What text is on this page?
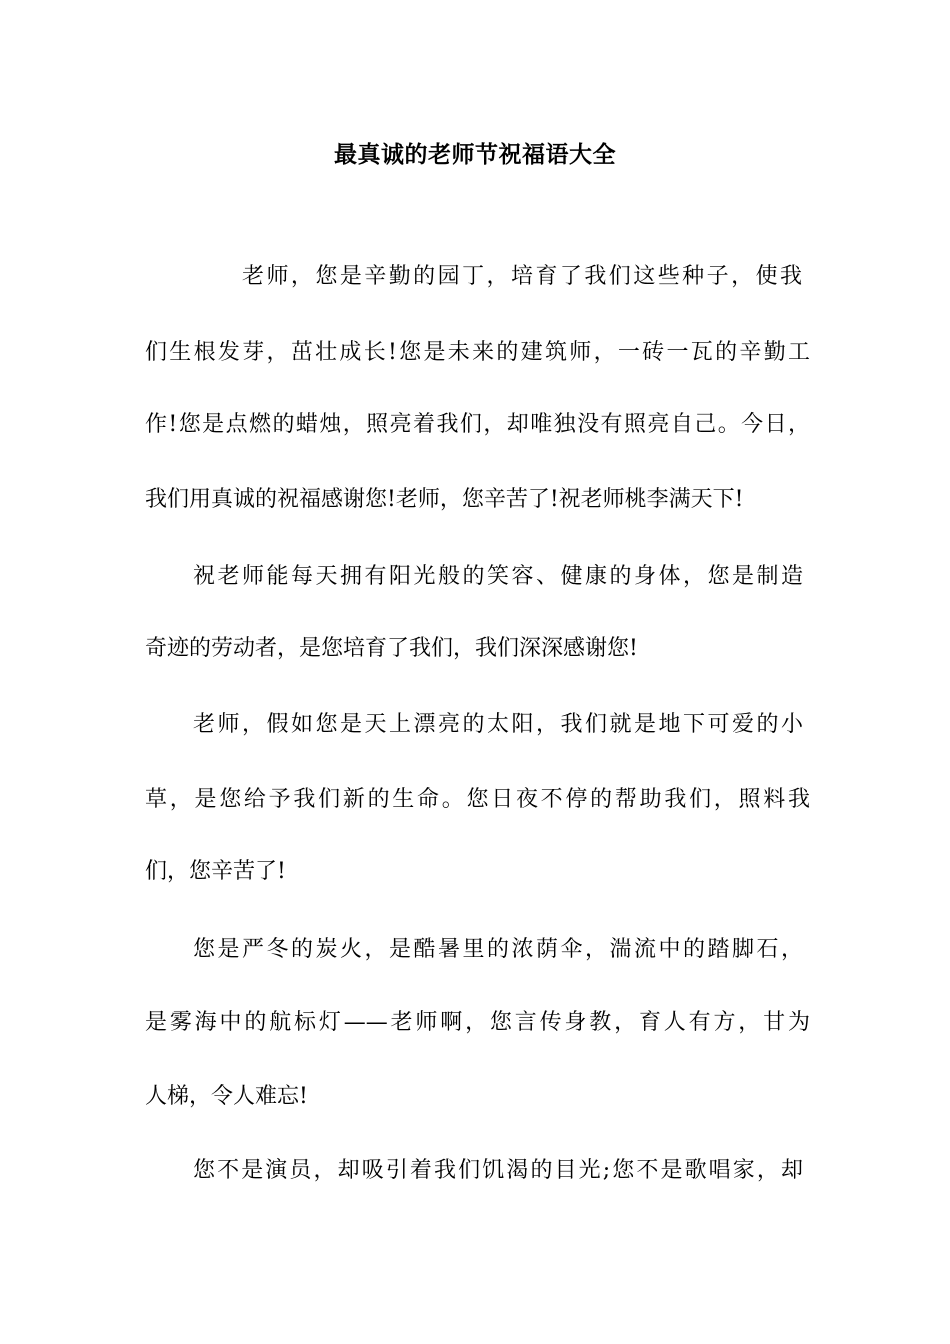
最真诚的老师节祝福语大全

老师，您是辛勤的园丁，培育了我们这些种子，使我

们生根发芽，茁壮成长!您是未来的建筑师，一砖一瓦的辛勤工

作!您是点燃的蜡烛，照亮着我们，却唯独没有照亮自己。今日，

我们用真诚的祝福感谢您!老师，您辛苦了!祝老师桃李满天下!

祝老师能每天拥有阳光般的笑容、健康的身体，您是制造

奇迹的劳动者，是您培育了我们，我们深深感谢您!

老师，假如您是天上漂亮的太阳，我们就是地下可爱的小

草，是您给予我们新的生命。您日夜不停的帮助我们，照料我

们，您辛苦了!

您是严冬的炭火，是酷暑里的浓荫伞，湍流中的踏脚石，

是雾海中的航标灯——老师啊，您言传身教，育人有方，甘为

人梯，令人难忘!

您不是演员，却吸引着我们饥渴的目光;您不是歌唱家，却
